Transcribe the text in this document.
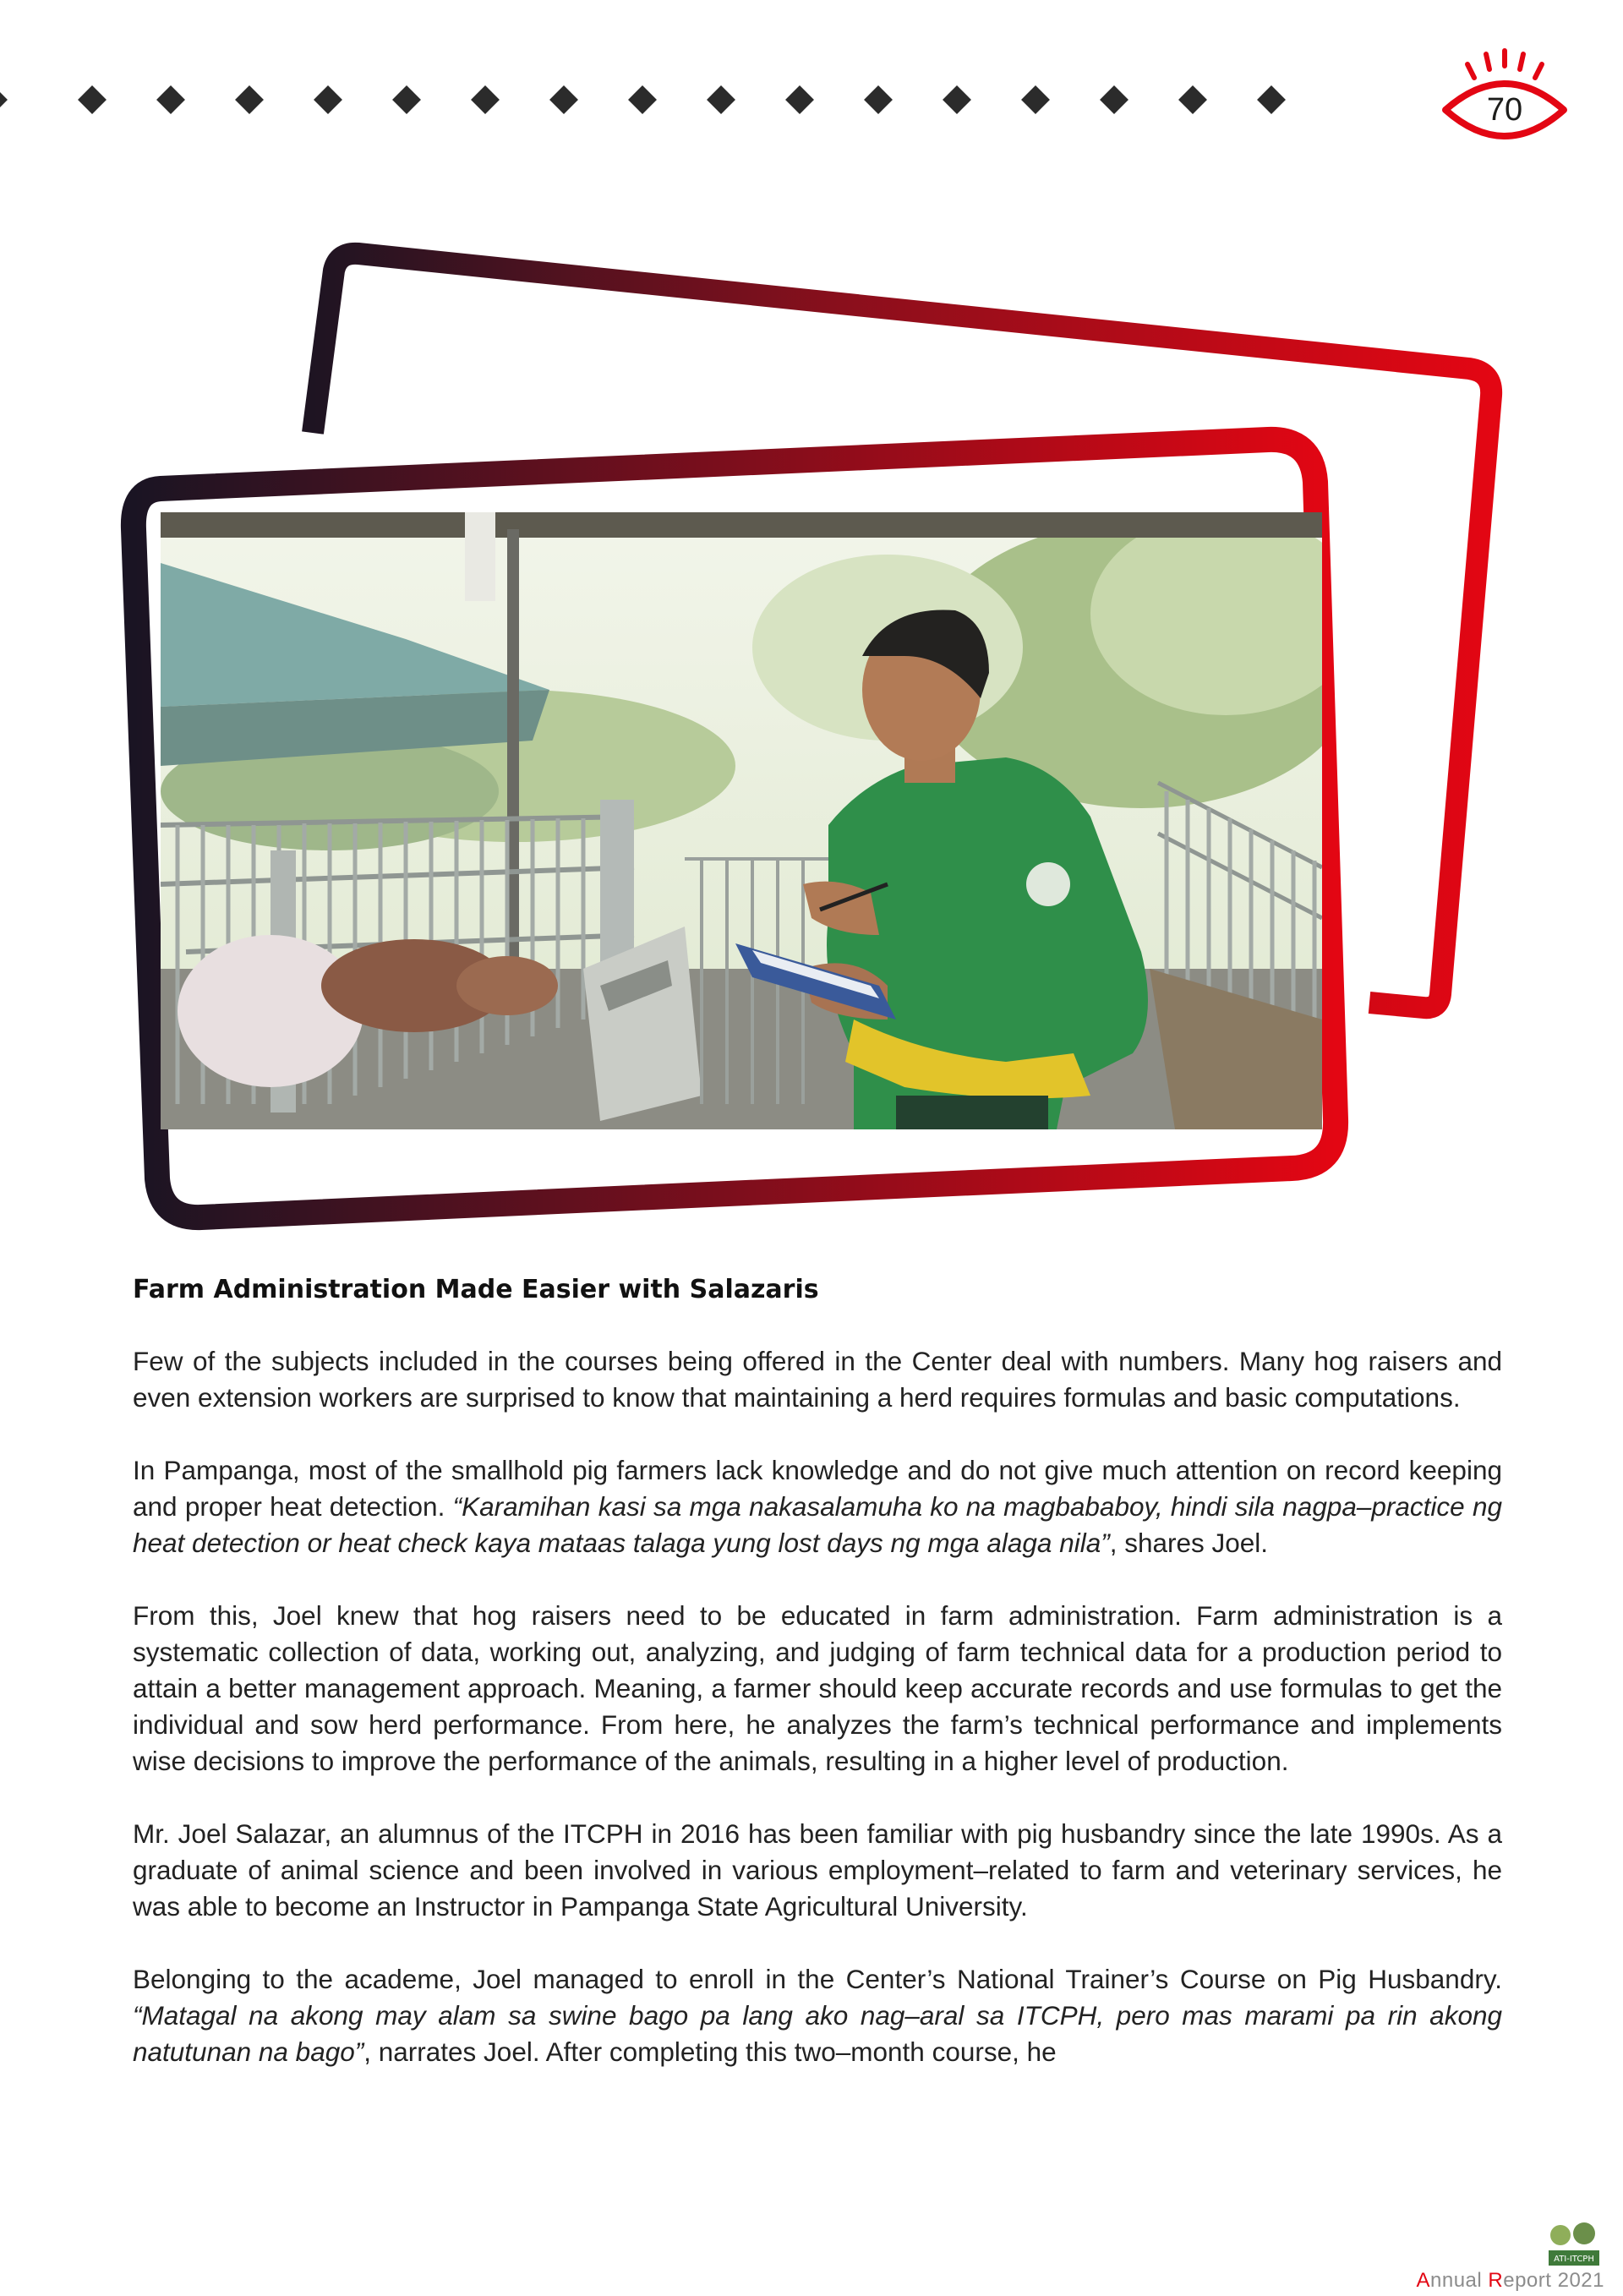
70
Farm Administration Made Easier with Salazaris

Few of the subjects included in the courses being offered in the Center deal with numbers. Many hog raisers and even extension workers are surprised to know that maintaining a herd requires formulas and basic computations.

In Pampanga, most of the smallhold pig farmers lack knowledge and do not give much attention on record keeping and proper heat detection. “Karamihan kasi sa mga nakasalamuha ko na magbababoy, hindi sila nagpa–practice ng heat detection or heat check kaya mataas talaga yung lost days ng mga alaga nila”, shares Joel.

From this, Joel knew that hog raisers need to be educated in farm administration. Farm administration is a systematic collection of data, working out, analyzing, and judging of farm technical data for a production period to attain a better management approach. Meaning, a farmer should keep accurate records and use formulas to get the individual and sow herd performance. From here, he analyzes the farm’s technical performance and implements wise decisions to improve the performance of the animals, resulting in a higher level of production.

Mr. Joel Salazar, an alumnus of the ITCPH in 2016 has been familiar with pig husbandry since the late 1990s. As a graduate of animal science and been involved in various employment–related to farm and veterinary services, he was able to become an Instructor in Pampanga State Agricultural University.

Belonging to the academe, Joel managed to enroll in the Center’s National Trainer’s Course on Pig Husbandry. “Matagal na akong may alam sa swine bago pa lang ako nag–aral sa ITCPH, pero mas marami pa rin akong natutunan na bago”, narrates Joel. After completing this two–month course, he

ATI-ITCPH
Annual Report 2021
